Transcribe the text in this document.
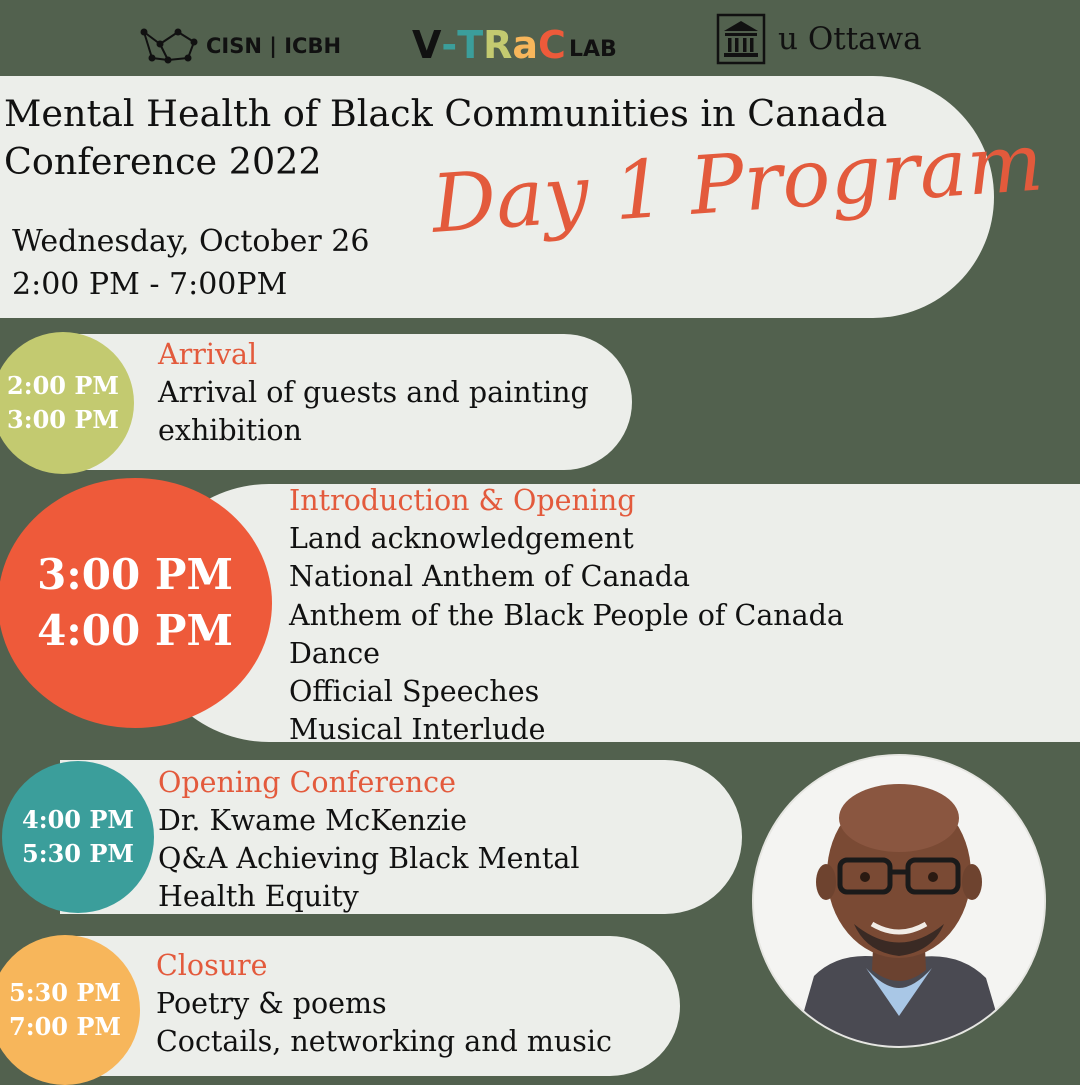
CISN | ICBH V - T R a C LAB	u Ottawa
Mental Health of Black Communities in Canada
Conference 2022
Wednesday, October 26
2:00 PM - 7:00PM
Day 1 Program
2:00 PM
3:00 PM
Arrival
Arrival of guests and painting
exhibition
3:00 PM
4:00 PM
Introduction & Opening
Land acknowledgement
National Anthem of Canada
Anthem of the Black People of Canada
Dance
Official Speeches
Musical Interlude
4:00 PM
5:30 PM
Opening Conference
Dr. Kwame McKenzie
Q&A Achieving Black Mental
Health Equity
5:30 PM
7:00 PM
Closure
Poetry & poems
Coctails, networking and music
